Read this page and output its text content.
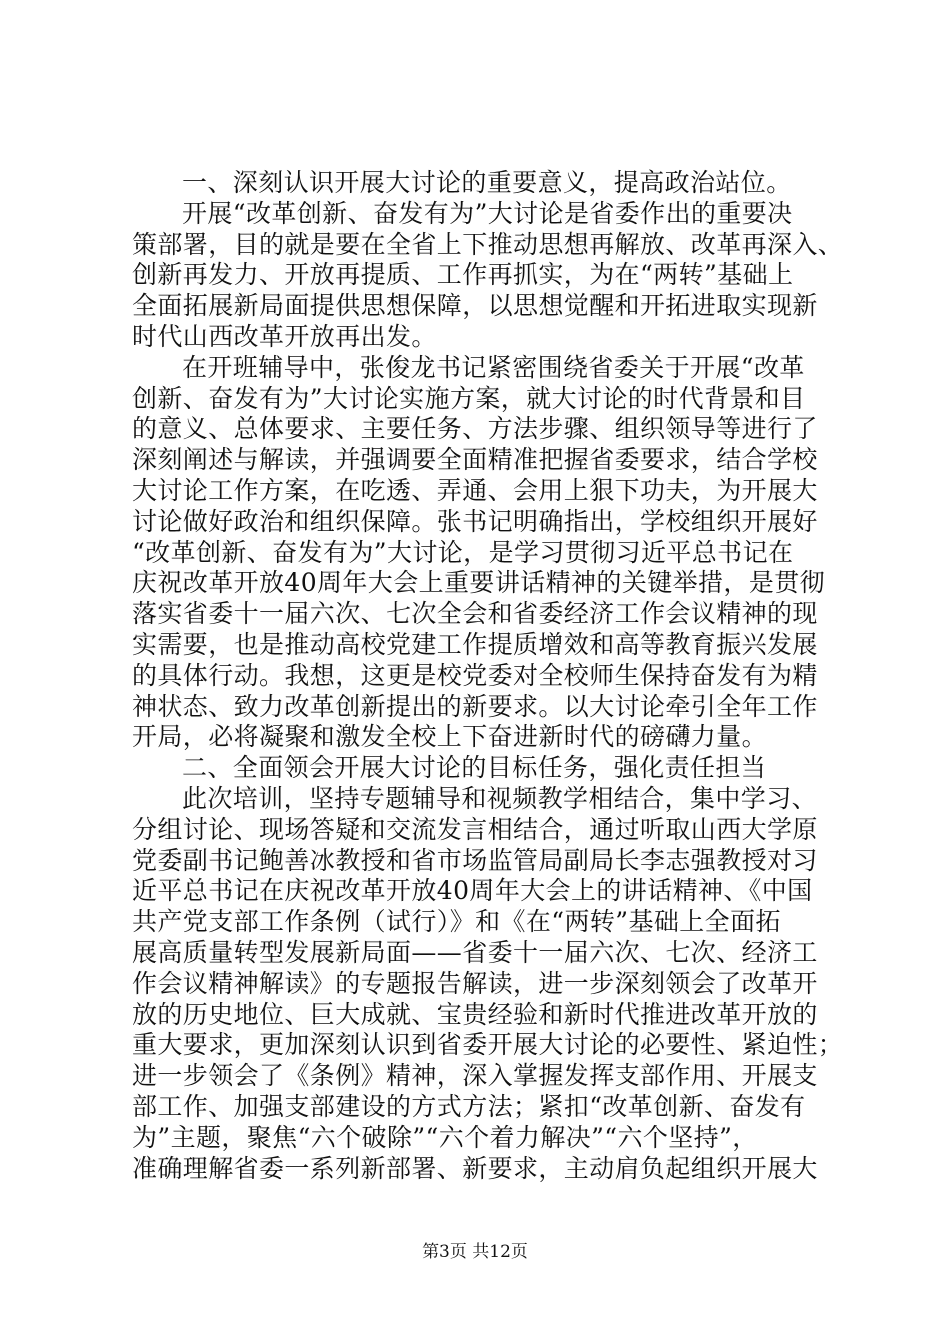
一、深刻认识开展大讨论的重要意义，提高政治站位。
开展“改革创新、奋发有为”大讨论是省委作出的重要决
策部署，目的就是要在全省上下推动思想再解放、改革再深入、
创新再发力、开放再提质、工作再抓实，为在“两转”基础上
全面拓展新局面提供思想保障，以思想觉醒和开拓进取实现新
时代山西改革开放再出发。
在开班辅导中，张俊龙书记紧密围绕省委关于开展“改革
创新、奋发有为”大讨论实施方案，就大讨论的时代背景和目
的意义、总体要求、主要任务、方法步骤、组织领导等进行了
深刻阐述与解读，并强调要全面精准把握省委要求，结合学校
大讨论工作方案，在吃透、弄通、会用上狠下功夫，为开展大
讨论做好政治和组织保障。张书记明确指出，学校组织开展好
“改革创新、奋发有为”大讨论，是学习贯彻习近平总书记在
庆祝改革开放40周年大会上重要讲话精神的关键举措，是贯彻
落实省委十一届六次、七次全会和省委经济工作会议精神的现
实需要，也是推动高校党建工作提质增效和高等教育振兴发展
的具体行动。我想，这更是校党委对全校师生保持奋发有为精
神状态、致力改革创新提出的新要求。以大讨论牵引全年工作
开局，必将凝聚和激发全校上下奋进新时代的磅礴力量。
二、全面领会开展大讨论的目标任务，强化责任担当
此次培训，坚持专题辅导和视频教学相结合，集中学习、
分组讨论、现场答疑和交流发言相结合，通过听取山西大学原
党委副书记鲍善冰教授和省市场监管局副局长李志强教授对习
近平总书记在庆祝改革开放40周年大会上的讲话精神、《中国
共产党支部工作条例（试行）》和《在“两转”基础上全面拓
展高质量转型发展新局面——省委十一届六次、七次、经济工
作会议精神解读》的专题报告解读，进一步深刻领会了改革开
放的历史地位、巨大成就、宝贵经验和新时代推进改革开放的
重大要求，更加深刻认识到省委开展大讨论的必要性、紧迫性；
进一步领会了《条例》精神，深入掌握发挥支部作用、开展支
部工作、加强支部建设的方式方法；紧扣“改革创新、奋发有
为”主题，聚焦“六个破除”“六个着力解决”“六个坚持”，
准确理解省委一系列新部署、新要求，主动肩负起组织开展大
第3页 共12页
